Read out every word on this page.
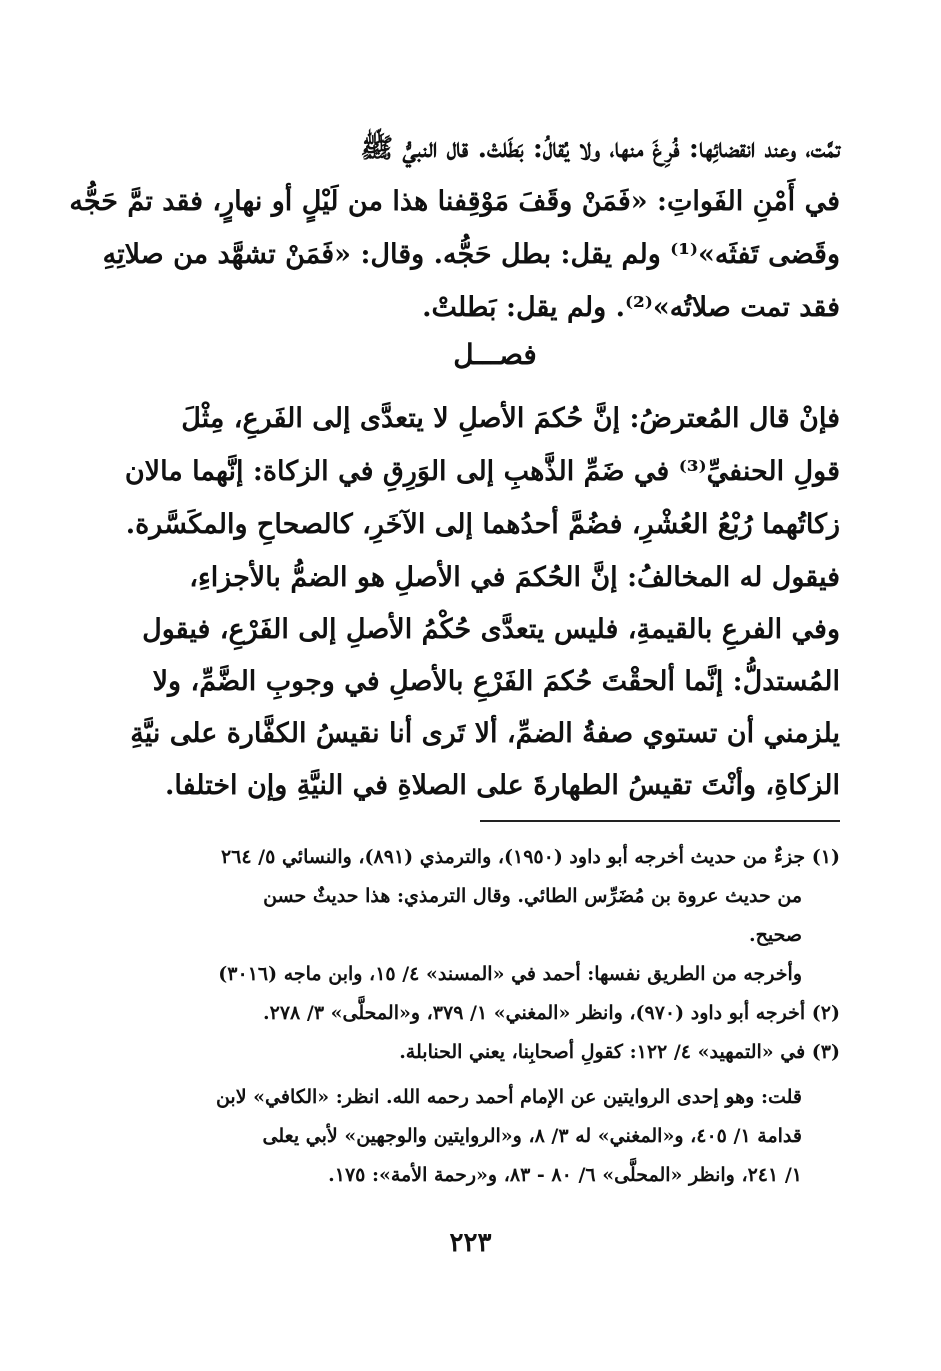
تمَّت، وعند انقضائِها: فُرِغَ منها، ولا يُقالُ: بَطَلتْ. قال النبيُّ ﷺ
في أَمْنِ الفَواتِ: «فَمَنْ وقَفَ مَوْقِفنا هذا من لَيْلٍ أو نهارٍ، فقد تمَّ حَجُّه
وقَضى تَفثَه»⁽¹⁾ ولم يقل: بطل حَجُّه. وقال: «فَمَنْ تشهَّد من صلاتِهِ
فقد تمت صلاتُه»⁽²⁾. ولم يقل: بَطلتْ.
فصـــل
فإنْ قال المُعترضُ: إنَّ حُكمَ الأصلِ لا يتعدَّى إلى الفَرعِ، مِثْلَ
قولِ الحنفيِّ⁽³⁾ في ضَمِّ الذَّهبِ إلى الوَرِقِ في الزكاة: إنَّهما مالان
زكاتُهما رُبْعُ العُشْرِ، فضُمَّ أحدُهما إلى الآخَرِ، كالصحاحِ والمكَسَّرة.
فيقول له المخالفُ: إنَّ الحُكمَ في الأصلِ هو الضمُّ بالأجزاءِ،
وفي الفرعِ بالقيمةِ، فليس يتعدَّى حُكْمُ الأصلِ إلى الفَرْعِ، فيقول
المُستدلُّ: إنَّما ألحقْتَ حُكمَ الفَرْعِ بالأصلِ في وجوبِ الضَّمِّ، ولا
يلزمني أن تستوي صفةُ الضمِّ، ألا تَرى أنا نقيسُ الكفَّارة على نيَّةِ
الزكاةِ، وأنْتَ تقيسُ الطهارةَ على الصلاةِ في النيَّةِ وإن اختلفا.
(١) جزءٌ من حديث أخرجه أبو داود (١٩٥٠)، والترمذي (٨٩١)، والنسائي ٥/ ٢٦٤
من حديث عروة بن مُضَرِّس الطائي. وقال الترمذي: هذا حديثٌ حسن
صحيح.
وأخرجه من الطريق نفسها: أحمد في «المسند» ٤/ ١٥، وابن ماجه (٣٠١٦)
(٢) أخرجه أبو داود (٩٧٠)، وانظر «المغني» ١/ ٣٧٩، و«المحلَّى» ٣/ ٢٧٨.
(٣) في «التمهيد» ٤/ ١٢٢: كقولِ أصحابِنا، يعني الحنابلة.
قلت: وهو إحدى الروايتين عن الإمام أحمد رحمه الله. انظر: «الكافي» لابن
قدامة ١/ ٤٠٥، و«المغني» له ٣/ ٨، و«الروايتين والوجهين» لأبي يعلى
١/ ٢٤١، وانظر «المحلَّى» ٦/ ٨٠ - ٨٣، و«رحمة الأمة»: ١٧٥.
٢٢٣
